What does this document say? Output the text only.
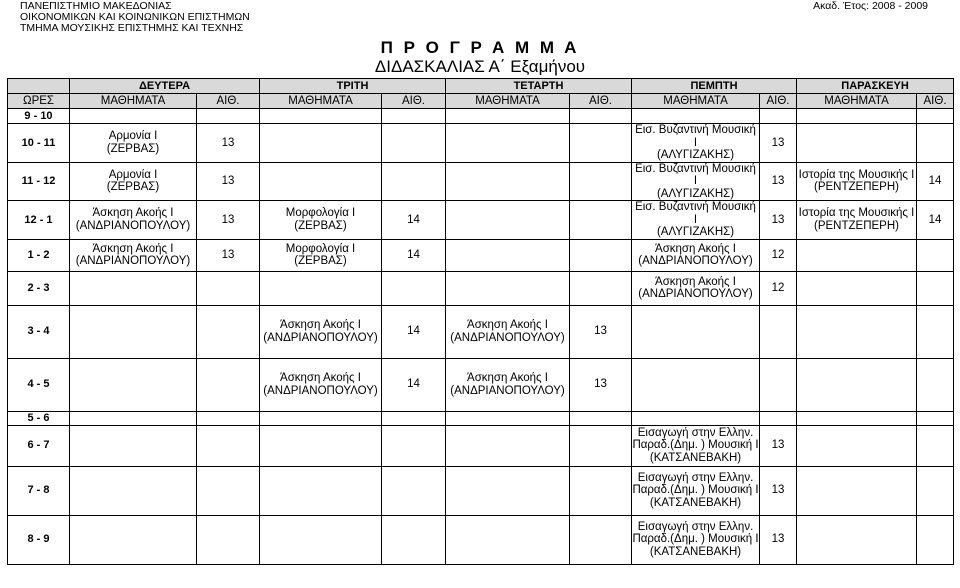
ΠΑΝΕΠΙΣΤΗΜΙΟ ΜΑΚΕΔΟΝΙΑΣ
ΟΙΚΟΝΟΜΙΚΩΝ ΚΑΙ ΚΟΙΝΩΝΙΚΩΝ ΕΠΙΣΤΗΜΩΝ
ΤΜΗΜΑ ΜΟΥΣΙΚΗΣ ΕΠΙΣΤΗΜΗΣ ΚΑΙ ΤΕΧΝΗΣ
Ακαδ. Έτος: 2008 - 2009
Π Ρ Ο Γ Ρ Α Μ Μ Α
ΔΙΔΑΣΚΑΛΙΑΣ Α΄ Εξαμήνου
	ΔΕΥΤΕΡΑ		ΤΡΙΤΗ		ΤΕΤΑΡΤΗ		ΠΕΜΠΤΗ		ΠΑΡΑΣΚΕΥΗ	
ΩΡΕΣ	ΜΑΘΗΜΑΤΑ	ΑΙΘ.	ΜΑΘΗΜΑΤΑ	ΑΙΘ.	ΜΑΘΗΜΑΤΑ	ΑΙΘ.	ΜΑΘΗΜΑΤΑ	ΑΙΘ.	ΜΑΘΗΜΑΤΑ	ΑΙΘ.
9 - 10										
10 - 11	Αρμονία Ι
(ΖΕΡΒΑΣ)	13					Εισ. Βυζαντινή Μουσική Ι
(ΑΛΥΓΙΖΑΚΗΣ)	13		
11 - 12	Αρμονία Ι
(ΖΕΡΒΑΣ)	13					Εισ. Βυζαντινή Μουσική Ι
(ΑΛΥΓΙΖΑΚΗΣ)	13	Ιστορία της Μουσικής Ι
(ΡΕΝΤΖΕΠΕΡΗ)	14
12 - 1	Άσκηση Ακοής Ι
(ΑΝΔΡΙΑΝΟΠΟΥΛΟΥ)	13	Μορφολογία Ι
(ΖΕΡΒΑΣ)	14			Εισ. Βυζαντινή Μουσική Ι
(ΑΛΥΓΙΖΑΚΗΣ)	13	Ιστορία της Μουσικής Ι
(ΡΕΝΤΖΕΠΕΡΗ)	14
1 - 2	Άσκηση Ακοής Ι
(ΑΝΔΡΙΑΝΟΠΟΥΛΟΥ)	13	Μορφολογία Ι
(ΖΕΡΒΑΣ)	14			Άσκηση Ακοής Ι
(ΑΝΔΡΙΑΝΟΠΟΥΛΟΥ)	12		
2 - 3							Άσκηση Ακοής Ι
(ΑΝΔΡΙΑΝΟΠΟΥΛΟΥ)	12		
3 - 4			Άσκηση Ακοής Ι
(ΑΝΔΡΙΑΝΟΠΟΥΛΟΥ)	14	Άσκηση Ακοής Ι
(ΑΝΔΡΙΑΝΟΠΟΥΛΟΥ)	13				
4 - 5			Άσκηση Ακοής Ι
(ΑΝΔΡΙΑΝΟΠΟΥΛΟΥ)	14	Άσκηση Ακοής Ι
(ΑΝΔΡΙΑΝΟΠΟΥΛΟΥ)	13				
5 - 6										
6 - 7							Εισαγωγή στην Ελλην.
Παραδ.(Δημ. ) Μουσική Ι
(ΚΑΤΣΑΝΕΒΑΚΗ)	13		
7 - 8							Εισαγωγή στην Ελλην.
Παραδ.(Δημ. ) Μουσική Ι
(ΚΑΤΣΑΝΕΒΑΚΗ)	13		
8 - 9							Εισαγωγή στην Ελλην.
Παραδ.(Δημ. ) Μουσική Ι
(ΚΑΤΣΑΝΕΒΑΚΗ)	13		
